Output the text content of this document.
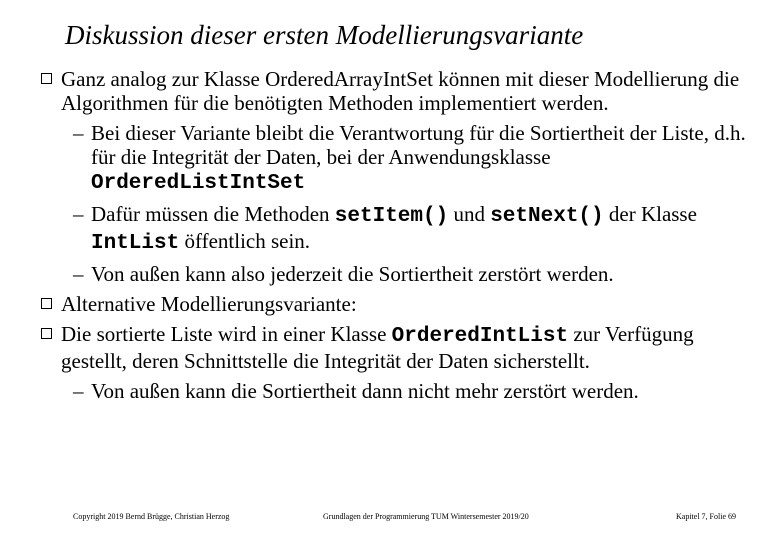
Diskussion dieser ersten Modellierungsvariante
Ganz analog zur Klasse OrderedArrayIntSet können mit dieser Modellierung die Algorithmen für die benötigten Methoden implementiert werden.
– Bei dieser Variante bleibt die Verantwortung für die Sortiertheit der Liste, d.h. für die Integrität der Daten, bei der Anwendungsklasse OrderedListIntSet
– Dafür müssen die Methoden setItem() und setNext() der Klasse IntList öffentlich sein.
– Von außen kann also jederzeit die Sortiertheit zerstört werden.
Alternative Modellierungsvariante:
Die sortierte Liste wird in einer Klasse OrderedIntList zur Verfügung gestellt, deren Schnittstelle die Integrität der Daten sicherstellt.
– Von außen kann die Sortiertheit dann nicht mehr zerstört werden.
Copyright 2019 Bernd Brügge, Christian Herzog	Grundlagen der Programmierung TUM Wintersemester 2019/20	Kapitel 7, Folie 69
